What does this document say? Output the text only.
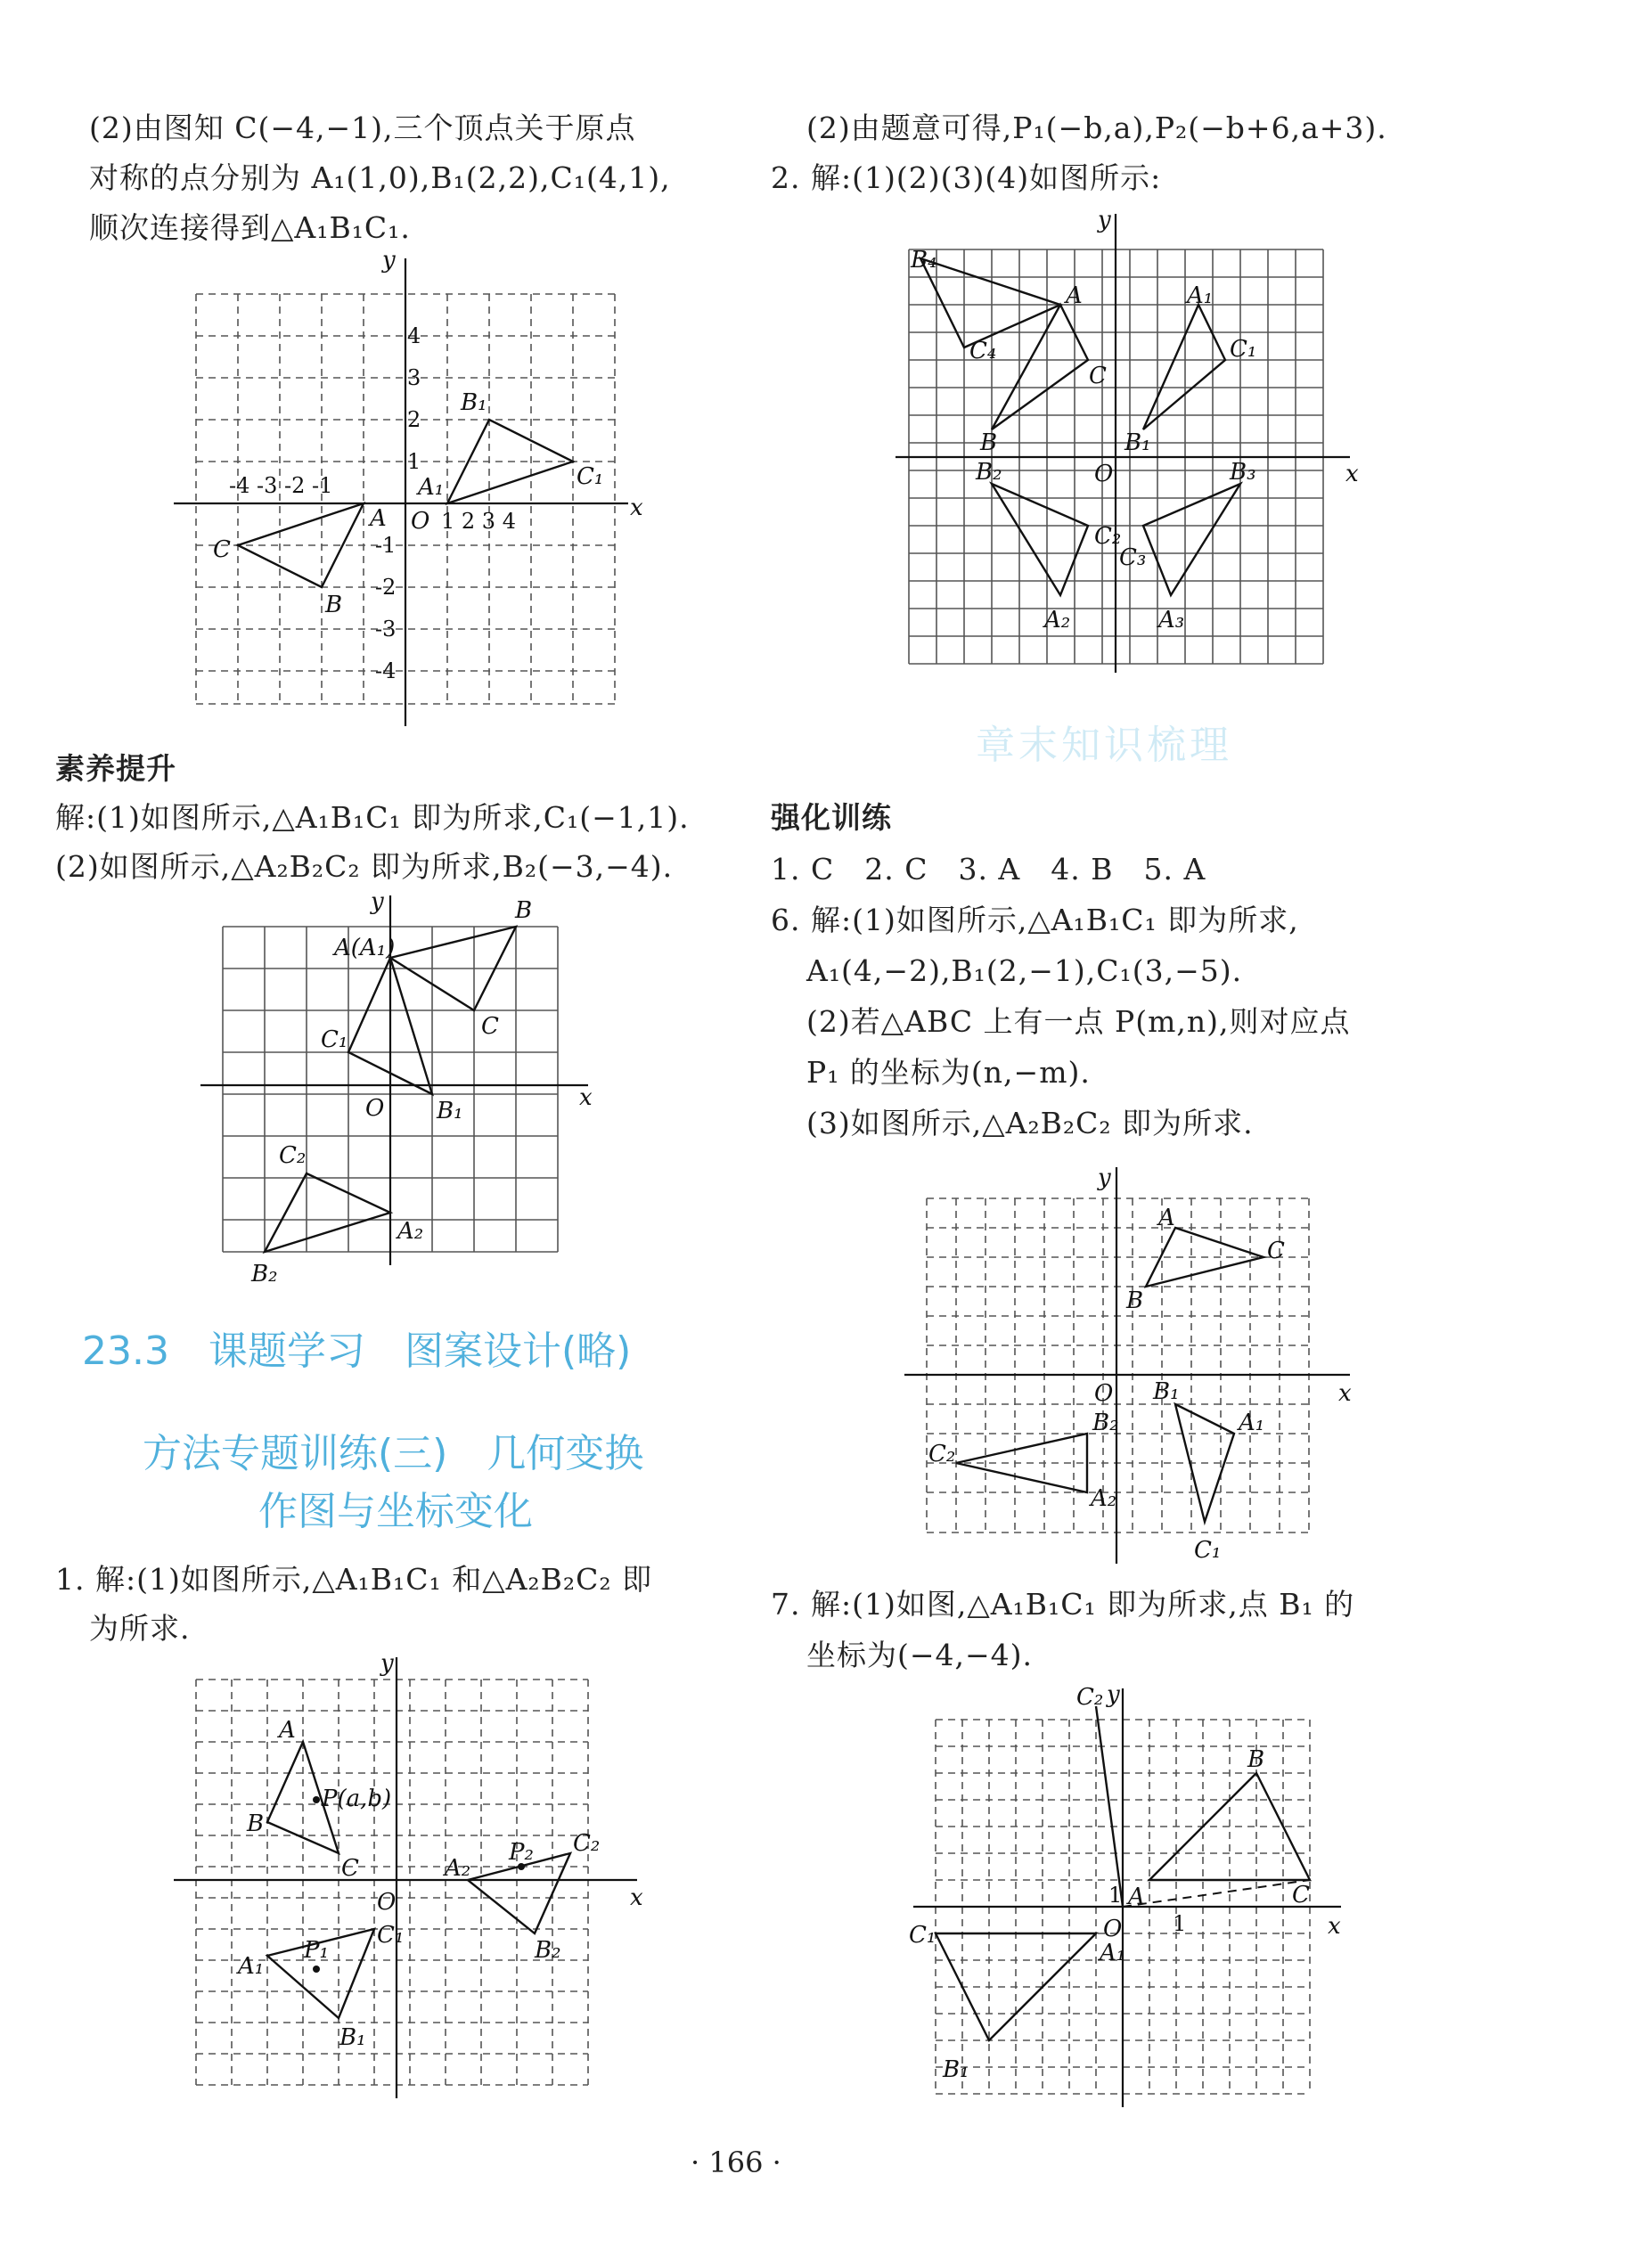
(2)由图知 C(−4,−1),三个顶点关于原点
对称的点分别为 A₁(1,0),B₁(2,2),C₁(4,1),
顺次连接得到△A₁B₁C₁.
x
y
O
-4 -3 -2 -1
1 2 3 4
4
3
2
1
-1
-2
-3
-4
A
B
C
A₁
B₁
C₁
素养提升
解:(1)如图所示,△A₁B₁C₁ 即为所求,C₁(−1,1).
(2)如图所示,△A₂B₂C₂ 即为所求,B₂(−3,−4).
x
y
O
A(A₁)
B
C
C₁
B₁
A₂
B₂
C₂
23.3　课题学习　图案设计(略)
方法专题训练(三)　几何变换
作图与坐标变化
1. 解:(1)如图所示,△A₁B₁C₁ 和△A₂B₂C₂ 即
为所求.
x
y
O
A
B
C
P(a,b)
A₂
P₂ C₂
B₂
A₁
P₁
C₁
B₁
(2)由题意可得,P₁(−b,a),P₂(−b+6,a+3).
2. 解:(1)(2)(3)(4)如图所示:
x
y
O
A
B
C
B₄
C₄
A₁
B₁
C₁
B₂
C₂
A₂
B₃
C₃
A₃
章末知识梳理
强化训练
1. C　2. C　3. A　4. B　5. A
6. 解:(1)如图所示,△A₁B₁C₁ 即为所求,
A₁(4,−2),B₁(2,−1),C₁(3,−5).
(2)若△ABC 上有一点 P(m,n),则对应点
P₁ 的坐标为(n,−m).
(3)如图所示,△A₂B₂C₂ 即为所求.
x
y
O
A
B
C
A₁
B₁
C₁
A₂
B₂
C₂
7. 解:(1)如图,△A₁B₁C₁ 即为所求,点 B₁ 的
坐标为(−4,−4).
x
y
O
1
1
A
B
C
A₁
B₁
C₁
C₂
· 166 ·
